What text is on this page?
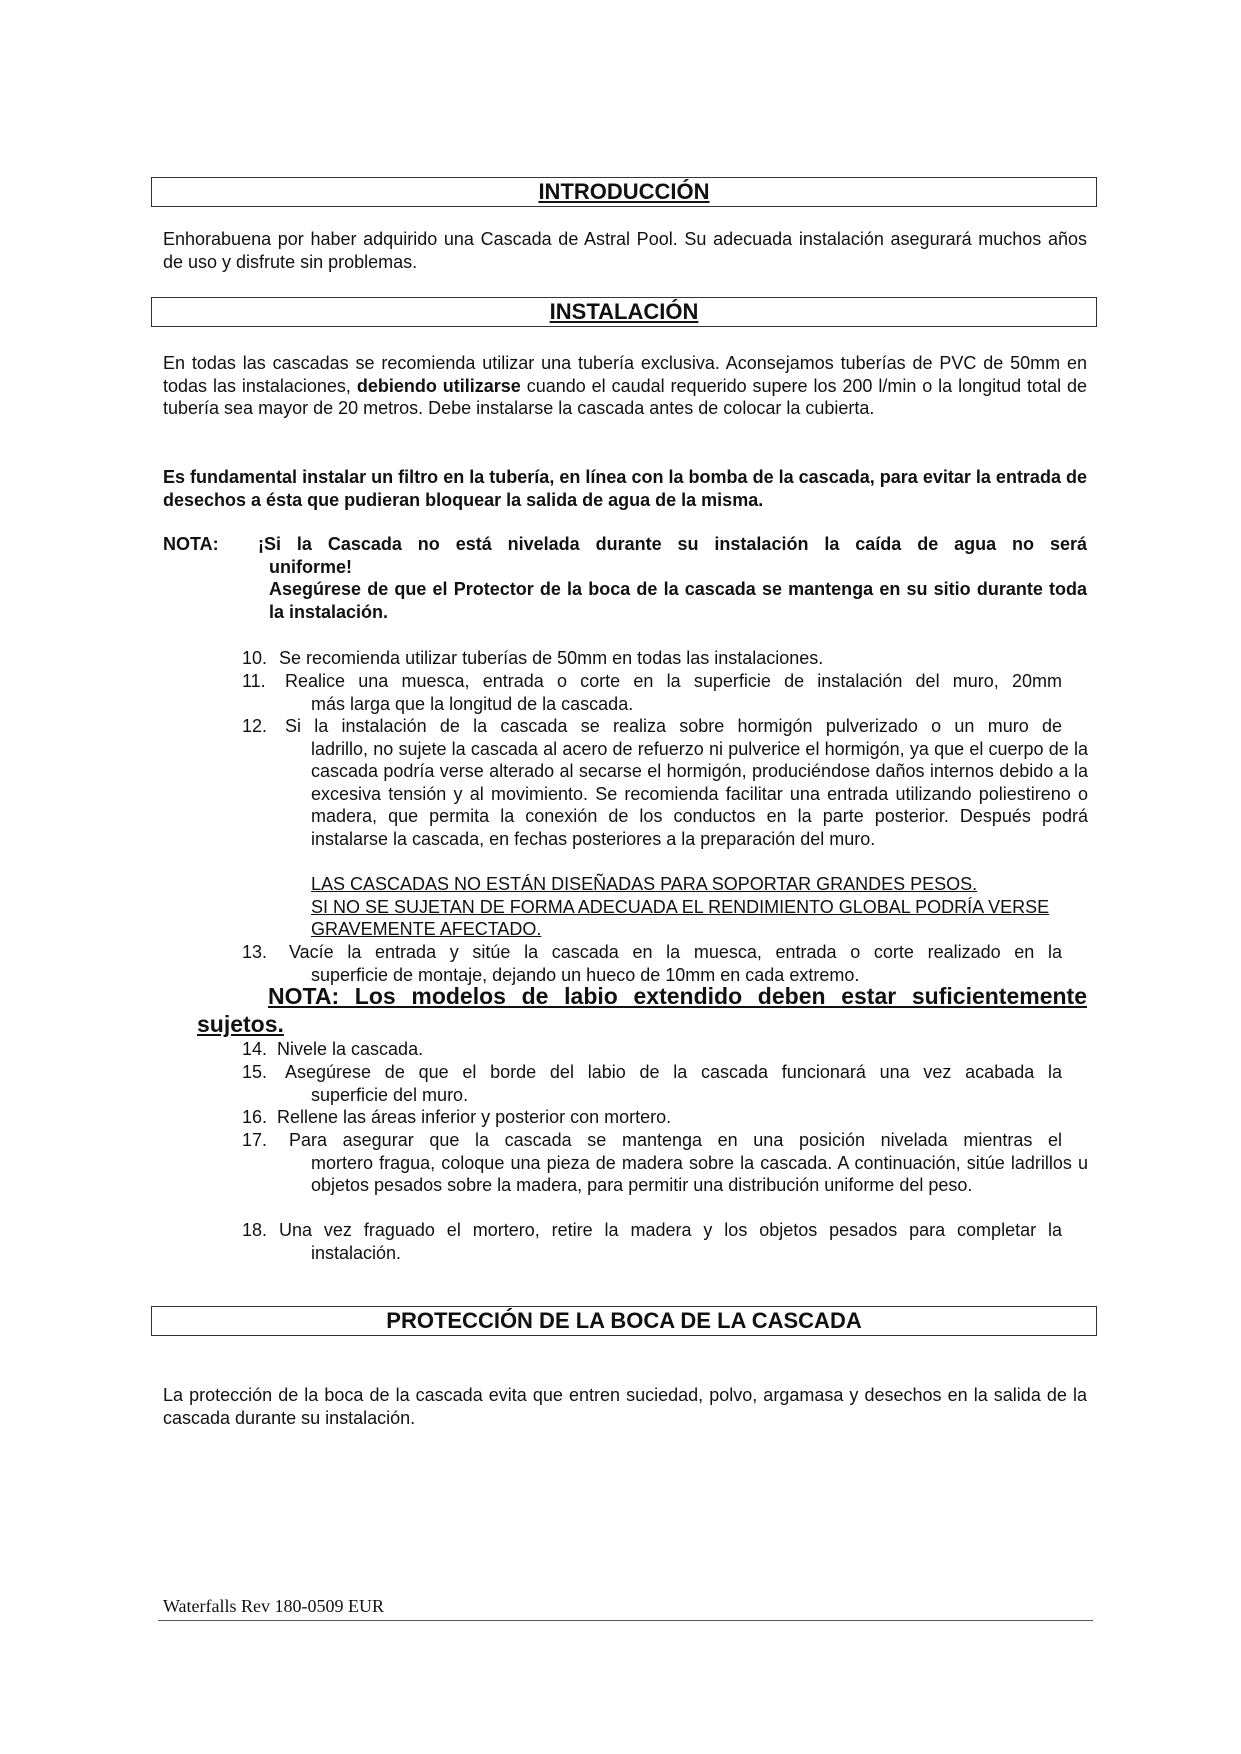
INTRODUCCIÓN
Enhorabuena por haber adquirido una Cascada de Astral Pool. Su adecuada instalación asegurará muchos años de uso y disfrute sin problemas.
INSTALACIÓN
En todas las cascadas se recomienda utilizar una tubería exclusiva. Aconsejamos tuberías de PVC de 50mm en todas las instalaciones, debiendo utilizarse cuando el caudal requerido supere los 200 l/min o la longitud total de tubería sea mayor de 20 metros. Debe instalarse la cascada antes de colocar la cubierta.
Es fundamental instalar un filtro en la tubería, en línea con la bomba de la cascada, para evitar la entrada de desechos a ésta que pudieran bloquear la salida de agua de la misma.
NOTA: ¡Si la Cascada no está nivelada durante su instalación la caída de agua no será
uniforme!
Asegúrese de que el Protector de la boca de la cascada se mantenga en su sitio durante toda la instalación.
10. Se recomienda utilizar tuberías de 50mm en todas las instalaciones.
11. Realice una muesca, entrada o corte en la superficie de instalación del muro, 20mm
más larga que la longitud de la cascada.
12. Si la instalación de la cascada se realiza sobre hormigón pulverizado o un muro de
ladrillo, no sujete la cascada al acero de refuerzo ni pulverice el hormigón, ya que el cuerpo de la cascada podría verse alterado al secarse el hormigón, produciéndose daños internos debido a la excesiva tensión y al movimiento. Se recomienda facilitar una entrada utilizando poliestireno o madera, que permita la conexión de los conductos en la parte posterior. Después podrá instalarse la cascada, en fechas posteriores a la preparación del muro.
LAS CASCADAS NO ESTÁN DISEÑADAS PARA SOPORTAR GRANDES PESOS.
SI NO SE SUJETAN DE FORMA ADECUADA EL RENDIMIENTO GLOBAL PODRÍA VERSE GRAVEMENTE AFECTADO.
13. Vacíe la entrada y sitúe la cascada en la muesca, entrada o corte realizado en la
superficie de montaje, dejando un hueco de 10mm en cada extremo.
NOTA: Los modelos de labio extendido deben estar suficientemente
sujetos.
14. Nivele la cascada.
15. Asegúrese de que el borde del labio de la cascada funcionará una vez acabada la
superficie del muro.
16. Rellene las áreas inferior y posterior con mortero.
17. Para asegurar que la cascada se mantenga en una posición nivelada mientras el
mortero fragua, coloque una pieza de madera sobre la cascada. A continuación, sitúe ladrillos u objetos pesados sobre la madera, para permitir una distribución uniforme del peso.
18. Una vez fraguado el mortero, retire la madera y los objetos pesados para completar la
instalación.
PROTECCIÓN DE LA BOCA DE LA CASCADA
La protección de la boca de la cascada evita que entren suciedad, polvo, argamasa y desechos en la salida de la cascada durante su instalación.
Waterfalls Rev 180-0509 EUR
